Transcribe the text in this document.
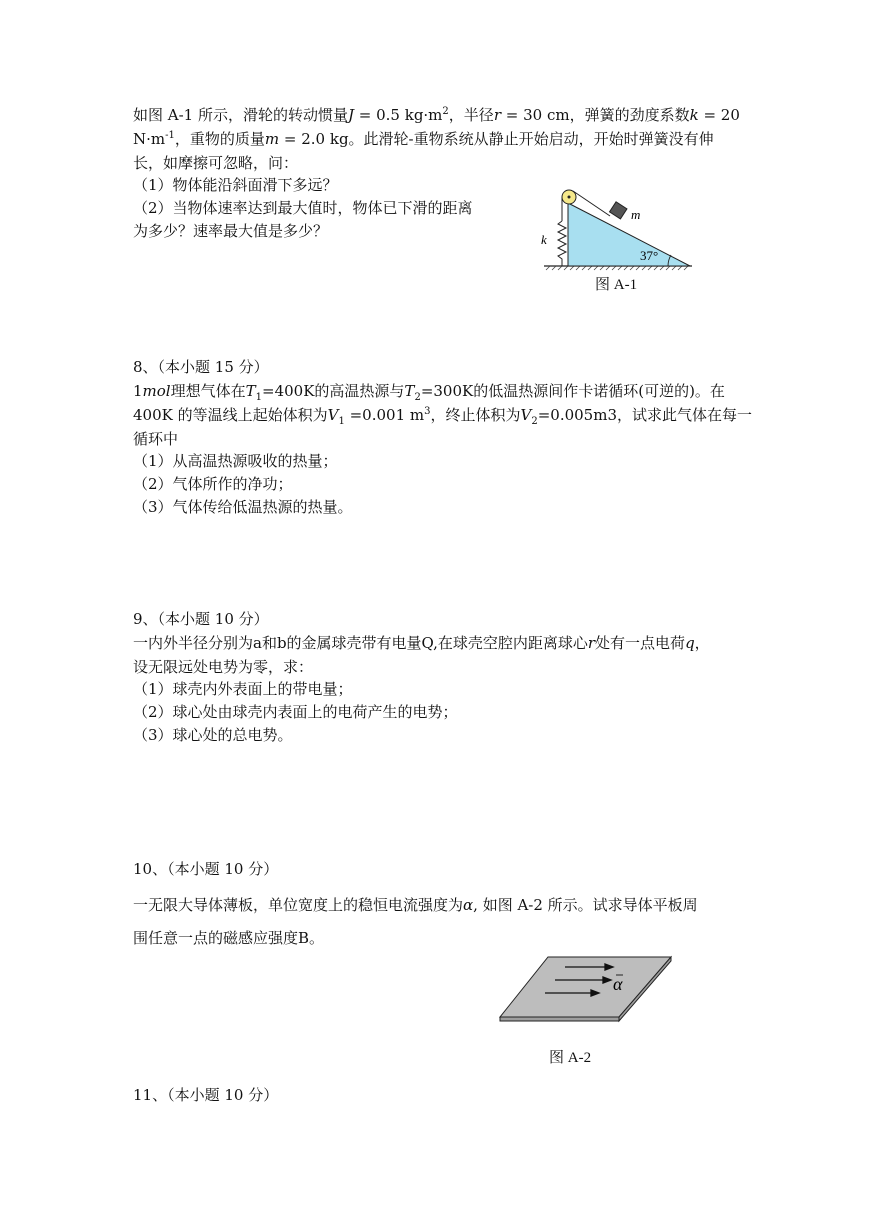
如图 A-1 所示，滑轮的转动惯量J = 0.5 $kg\cdot m^2$，半径r = 30 cm，弹簧的劲度系数k = 20
$N\cdot m^{-1}$，重物的质量m = 2.0 kg。此滑轮-重物系统从静止开始启动，开始时弹簧没有伸
长，如摩擦可忽略，问：
（1）物体能沿斜面滑下多远？
（2）当物体速率达到最大值时，物体已下滑的距离
为多少？速率最大值是多少？
37°
k
m
图 A-1
8、（本小题 15 分）
1mol理想气体在$T_1=400K$的高温热源与$T_2=300K$的低温热源间作卡诺循环(可逆的)。在
400K 的等温线上起始体积为$V_1 =0.001$ $m^3$，终止体积为$V_2=0.005m3$，试求此气体在每一
循环中
（1）从高温热源吸收的热量；
（2）气体所作的净功；
（3）气体传给低温热源的热量。
9、（本小题 10 分）
一内外半径分别为a和b的金属球壳带有电量Q,在球壳空腔内距离球心r处有一点电荷q，
设无限远处电势为零，求：
（1）球壳内外表面上的带电量；
（2）球心处由球壳内表面上的电荷产生的电势；
（3）球心处的总电势。
10、（本小题 10 分）
一无限大导体薄板，单位宽度上的稳恒电流强度为α, 如图 A-2 所示。试求导体平板周
围任意一点的磁感应强度B。
α
图 A-2
11、（本小题 10 分）
